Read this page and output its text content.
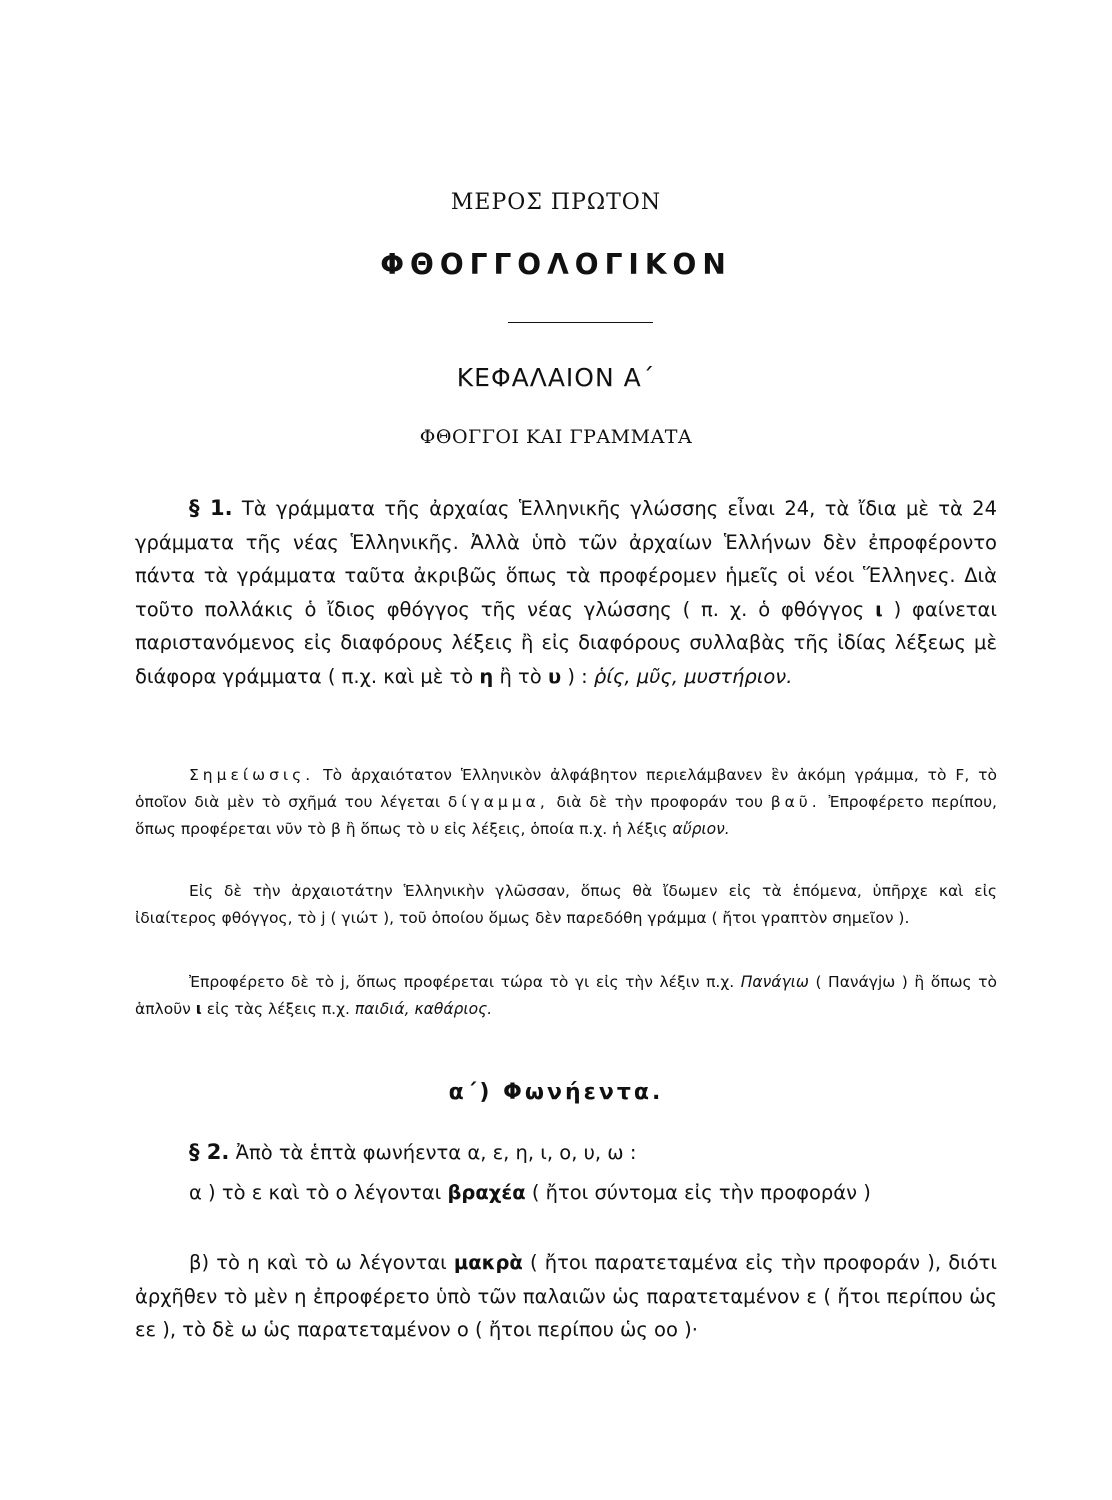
ΜΕΡΟΣ ΠΡΩΤΟΝ
ΦΘΟΓΓΟΛΟΓΙΚΟΝ
ΚΕΦΑΛΑΙΟΝ Α΄
ΦΘΟΓΓΟΙ ΚΑΙ ΓΡΑΜΜΑΤΑ
§ 1. Τὰ γράμματα τῆς ἀρχαίας Ἑλληνικῆς γλώσσης εἶναι 24, τὰ ἴδια μὲ τὰ 24 γράμματα τῆς νέας Ἑλληνικῆς. Ἀλλὰ ὑπὸ τῶν ἀρχαίων Ἑλλήνων δὲν ἐπροφέροντο πάντα τὰ γράμματα ταῦτα ἀκριβῶς ὅπως τὰ προφέρομεν ἡμεῖς οἱ νέοι Ἕλληνες. Διὰ τοῦτο πολλάκις ὁ ἴδιος φθόγγος τῆς νέας γλώσσης ( π. χ. ὁ φθόγγος ι ) φαίνεται παριστανόμενος εἰς διαφόρους λέξεις ἢ εἰς διαφόρους συλλαβὰς τῆς ἰδίας λέξεως μὲ διάφορα γράμματα ( π.χ. καὶ μὲ τὸ η ἢ τὸ υ ) : ῥίς, μῦς, μυστήριον.
Σημείωσις. Τὸ ἀρχαιότατον Ἑλληνικὸν ἀλφάβητον περιελάμβανεν ἓν ἀκόμη γράμμα, τὸ F, τὸ ὁποῖον διὰ μὲν τὸ σχῆμά του λέγεται δίγαμμα, διὰ δὲ τὴν προφοράν του βαῦ. Ἐπροφέρετο περίπου, ὅπως προφέρεται νῦν τὸ β ἢ ὅπως τὸ υ εἰς λέξεις, ὁποία π.χ. ἡ λέξις αὔριον.
Εἰς δὲ τὴν ἀρχαιοτάτην Ἑλληνικὴν γλῶσσαν, ὅπως θὰ ἴδωμεν εἰς τὰ ἑπόμενα, ὑπῆρχε καὶ εἰς ἰδιαίτερος φθόγγος, τὸ j ( γιώτ ), τοῦ ὁποίου ὅμως δὲν παρεδόθη γράμμα ( ἤτοι γραπτὸν σημεῖον ).
Ἐπροφέρετο δὲ τὸ j, ὅπως προφέρεται τώρα τὸ γι εἰς τὴν λέξιν π.χ. Πανάγιω ( Πανάγjω ) ἢ ὅπως τὸ ἁπλοῦν ι εἰς τὰς λέξεις π.χ. παιδιά, καθάριος.
α΄) Φωνήεντα.
§ 2. Ἀπὸ τὰ ἑπτὰ φωνήεντα α, ε, η, ι, ο, υ, ω :
α ) τὸ ε καὶ τὸ ο λέγονται βραχέα ( ἤτοι σύντομα εἰς τὴν προφοράν )
β) τὸ η καὶ τὸ ω λέγονται μακρὰ ( ἤτοι παρατεταμένα εἰς τὴν προφοράν ), διότι ἀρχῆθεν τὸ μὲν η ἐπροφέρετο ὑπὸ τῶν παλαιῶν ὡς παρατεταμένον ε ( ἤτοι περίπου ὡς εε ), τὸ δὲ ω ὡς παρατεταμένον ο ( ἤτοι περίπου ὡς οο )·
